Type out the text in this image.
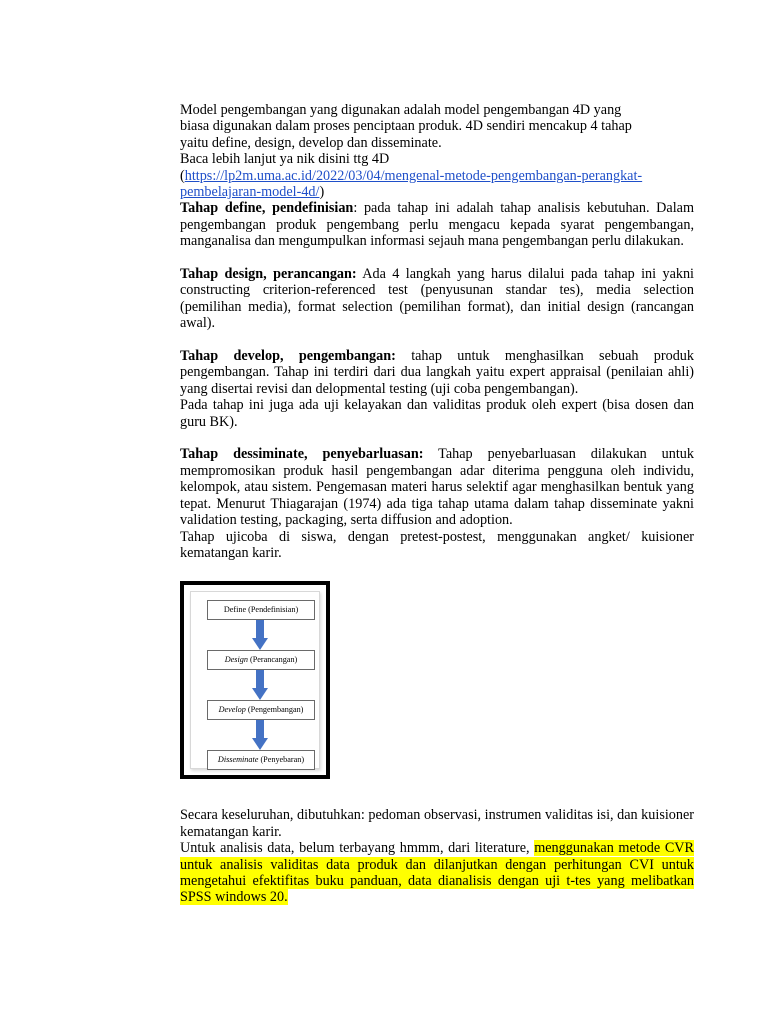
Model pengembangan yang digunakan adalah model pengembangan 4D yang
biasa digunakan dalam proses penciptaan produk. 4D sendiri mencakup 4 tahap
yaitu define, design, develop dan disseminate.
Baca lebih lanjut ya nik disini ttg 4D
(https://lp2m.uma.ac.id/2022/03/04/mengenal-metode-pengembangan-perangkat-
pembelajaran-model-4d/)

Tahap define, pendefinisian: pada tahap ini adalah tahap analisis kebutuhan. Dalam pengembangan produk pengembang perlu mengacu kepada syarat pengembangan, manganalisa dan mengumpulkan informasi sejauh mana pengembangan perlu dilakukan.

Tahap design, perancangan: Ada 4 langkah yang harus dilalui pada tahap ini yakni constructing criterion-referenced test (penyusunan standar tes), media selection (pemilihan media), format selection (pemilihan format), dan initial design (rancangan awal).

Tahap develop, pengembangan: tahap untuk menghasilkan sebuah produk pengembangan. Tahap ini terdiri dari dua langkah yaitu expert appraisal (penilaian ahli) yang disertai revisi dan delopmental testing (uji coba pengembangan).

Pada tahap ini juga ada uji kelayakan dan validitas produk oleh expert (bisa dosen dan guru BK).

Tahap dessiminate, penyebarluasan: Tahap penyebarluasan dilakukan untuk mempromosikan produk hasil pengembangan adar diterima pengguna oleh individu, kelompok, atau sistem. Pengemasan materi harus selektif agar menghasilkan bentuk yang tepat. Menurut Thiagarajan (1974) ada tiga tahap utama dalam tahap disseminate yakni validation testing, packaging, serta diffusion and adoption.

Tahap ujicoba di siswa, dengan pretest-postest, menggunakan angket/ kuisioner kematangan karir.

Define (Pendefinisian)
Design (Perancangan)
Develop (Pengembangan)
Disseminate (Penyebaran)

Secara keseluruhan, dibutuhkan: pedoman observasi, instrumen validitas isi, dan kuisioner kematangan karir.

Untuk analisis data, belum terbayang hmmm, dari literature, menggunakan metode CVR untuk analisis validitas data produk dan dilanjutkan dengan perhitungan CVI untuk mengetahui efektifitas buku panduan, data dianalisis dengan uji t-tes yang melibatkan SPSS windows 20.
